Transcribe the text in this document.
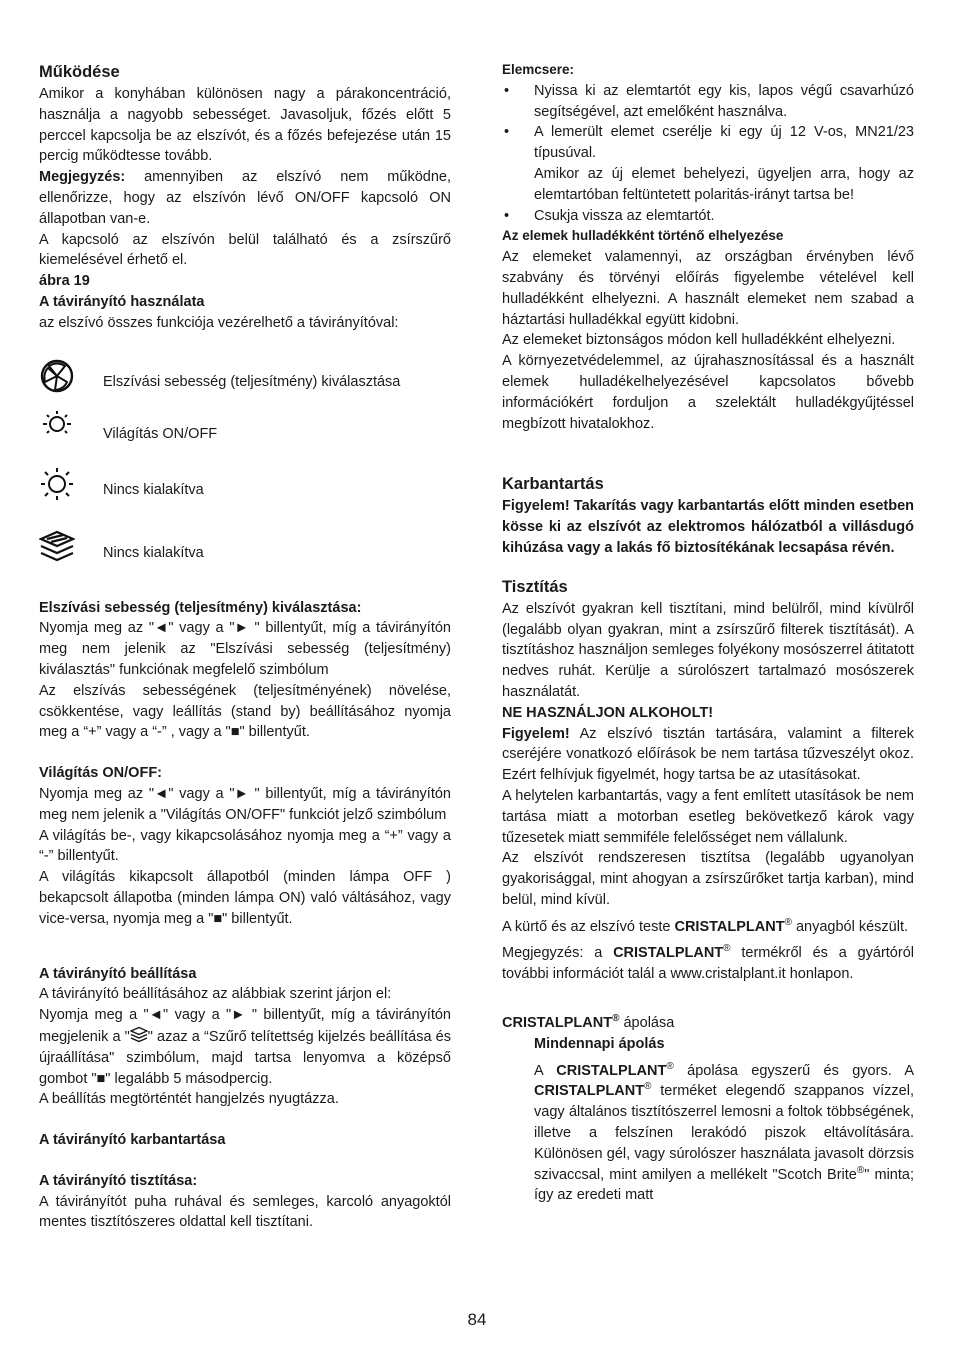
Működése

Amikor a konyhában különösen nagy a párakoncentráció, használja a nagyobb sebességet. Javasoljuk, főzés előtt 5 perccel kapcsolja be az elszívót, és a főzés befejezése után 15 percig működtesse tovább.

Megjegyzés: amennyiben az elszívó nem működne, ellenőrizze, hogy az elszívón lévő ON/OFF kapcsoló ON állapotban van-e.

A kapcsoló az elszívón belül található és a zsírszűrő kiemelésével érhető el.

ábra 19

A távirányító használata

az elszívó összes funkciója vezérelhető a távirányítóval:

Elszívási sebesség (teljesítmény) kiválasztása
Világítás ON/OFF
Nincs kialakítva
Nincs kialakítva

Elszívási sebesség (teljesítmény) kiválasztása:

Nyomja meg az "◄" vagy a "► " billentyűt, míg a távirányítón meg nem jelenik az "Elszívási sebesség (teljesítmény) kiválasztás" funkciónak megfelelő szimbólum

Az elszívás sebességének (teljesítményének) növelése, csökkentése, vagy leállítás (stand by) beállításához nyomja meg a “+” vagy a “-” , vagy a "■" billentyűt.

Világítás ON/OFF:

Nyomja meg az "◄" vagy a "► " billentyűt, míg a távirányítón meg nem jelenik a "Világítás ON/OFF" funkciót jelző szimbólum

A világítás be-, vagy kikapcsolásához nyomja meg a “+” vagy a “-” billentyűt.

A világítás kikapcsolt állapotból (minden lámpa OFF ) bekapcsolt állapotba (minden lámpa ON) való váltásához, vagy vice-versa, nyomja meg a "■" billentyűt.

A távirányító beállítása

A távirányító beállításához az alábbiak szerint járjon el:

Nyomja meg a "◄" vagy a "► " billentyűt, míg a távirányítón megjelenik a " " azaz a “Szűrő telítettség kijelzés beállítása és újraállítása" szimbólum, majd tartsa lenyomva a középső gombot "■" legalább 5 másodpercig.

A beállítás megtörténtét hangjelzés nyugtázza.

A távirányító karbantartása

A távirányító tisztítása:

A távirányítót puha ruhával és semleges, karcoló anyagoktól mentes tisztítószeres oldattal kell tisztítani.

Elemcsere:

• Nyissa ki az elemtartót egy kis, lapos végű csavarhúzó segítségével, azt emelőként használva.
• A lemerült elemet cserélje ki egy új 12 V-os, MN21/23 típusúval.
Amikor az új elemet behelyezi, ügyeljen arra, hogy az elemtartóban feltüntetett polaritás-irányt tartsa be!
• Csukja vissza az elemtartót.

Az elemek hulladékként történő elhelyezése

Az elemeket valamennyi, az országban érvényben lévő szabvány és törvényi előírás figyelembe vételével kell hulladékként elhelyezni. A használt elemeket nem szabad a háztartási hulladékkal együtt kidobni.

Az elemeket biztonságos módon kell hulladékként elhelyezni.

A környezetvédelemmel, az újrahasznosítással és a használt elemek hulladékelhelyezésével kapcsolatos bővebb információkért forduljon a szelektált hulladékgyűjtéssel megbízott hivatalokhoz.

Karbantartás

Figyelem! Takarítás vagy karbantartás előtt minden esetben kösse ki az elszívót az elektromos hálózatból a villásdugó kihúzása vagy a lakás fő biztosítékának lecsapása révén.

Tisztítás

Az elszívót gyakran kell tisztítani, mind belülről, mind kívülről (legalább olyan gyakran, mint a zsírszűrő filterek tisztítását). A tisztításhoz használjon semleges folyékony mosószerrel átitatott nedves ruhát. Kerülje a súrolószert tartalmazó mosószerek használatát.

NE HASZNÁLJON ALKOHOLT!

Figyelem! Az elszívó tisztán tartására, valamint a filterek cseréjére vonatkozó előírások be nem tartása tűzveszélyt okoz. Ezért felhívjuk figyelmét, hogy tartsa be az utasításokat.

A helytelen karbantartás, vagy a fent említett utasítások be nem tartása miatt a motorban esetleg bekövetkező károk vagy tűzesetek miatt semmiféle felelősséget nem vállalunk.

Az elszívót rendszeresen tisztítsa (legalább ugyanolyan gyakorisággal, mint ahogyan a zsírszűrőket tartja karban), mind belül, mind kívül.

A kürtő és az elszívó teste CRISTALPLANT® anyagból készült.

Megjegyzés: a CRISTALPLANT® termékről és a gyártóról további információt talál a www.cristalplant.it honlapon.

CRISTALPLANT® ápolása

Mindennapi ápolás

A CRISTALPLANT® ápolása egyszerű és gyors. A CRISTALPLANT® terméket elegendő szappanos vízzel, vagy általános tisztítószerrel lemosni a foltok többségének, illetve a felszínen lerakódó piszok eltávolítására. Különösen gél, vagy súrolószer használata javasolt dörzsis szivaccsal, mint amilyen a mellékelt "Scotch Brite®" minta; így az eredeti matt

84
